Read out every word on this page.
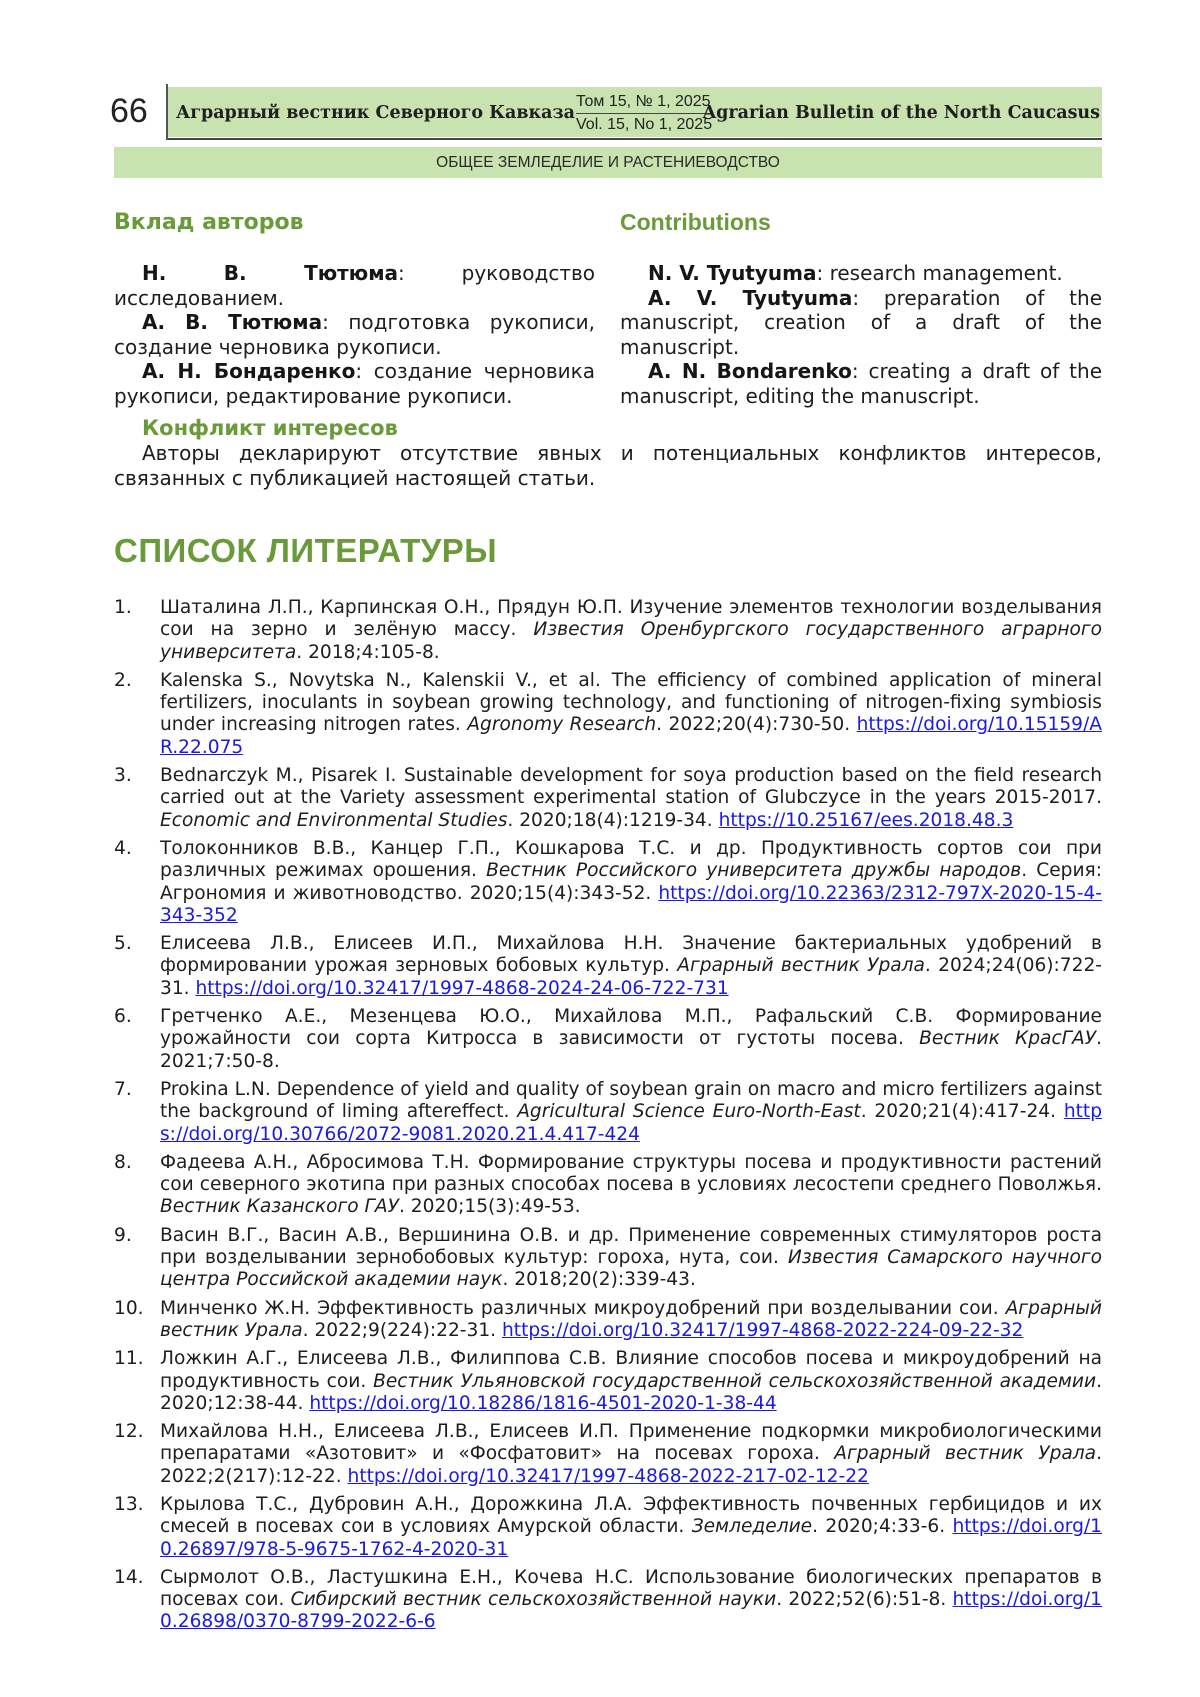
66	Аграрный вестник Северного Кавказа
Том 15, № 1, 2025
Vol. 15, No 1, 2025
Agrarian Bulletin of the North Caucasus
ОБЩЕЕ ЗЕМЛЕДЕЛИЕ И РАСТЕНИЕВОДСТВО
Вклад авторов	Contributions

Н. В. Тютюма: руководство исследованием.

А. В. Тютюма: подготовка рукописи, создание черновика рукописи.

А. Н. Бондаренко: создание черновика рукописи, редактирование рукописи.

N. V. Tyutyuma: research management.

A. V. Tyutyuma: preparation of the manuscript, creation of a draft of the manuscript.

A. N. Bondarenko: creating a draft of the manuscript, editing the manuscript.

Конфликт интересов

Авторы декларируют отсутствие явных и потенциальных конфликтов интересов, связанных с публикацией настоящей статьи.

СПИСОК ЛИТЕРАТУРЫ
1. Шаталина Л.П., Карпинская О.Н., Прядун Ю.П. Изучение элементов технологии возделывания сои на зерно и зелёную массу. Известия Оренбургского государственного аграрного университета. 2018;4:105-8.
2. Kalenska S., Novytska N., Kalenskii V., et al. The efficiency of combined application of mineral fertilizers, inoculants in soybean growing technology, and functioning of nitrogen-fixing symbiosis under increasing nitrogen rates. Agronomy Research. 2022;20(4):730-50. https://doi.org/10.15159/AR.22.075
3. Bednarczyk M., Pisarek I. Sustainable development for soya production based on the field research carried out at the Variety assessment experimental station of Glubczyce in the years 2015-2017. Economic and Environmental Studies. 2020;18(4):1219-34. https://10.25167/ees.2018.48.3
4. Толоконников В.В., Канцер Г.П., Кошкарова Т.С. и др. Продуктивность сортов сои при различных режимах орошения. Вестник Российского университета дружбы народов. Серия: Агрономия и животноводство. 2020;15(4):343-52. https://doi.org/10.22363/2312-797X-2020-15-4-343-352
5. Елисеева Л.В., Елисеев И.П., Михайлова Н.Н. Значение бактериальных удобрений в формировании урожая зерновых бобовых культур. Аграрный вестник Урала. 2024;24(06):722-31. https://doi.org/10.32417/1997-4868-2024-24-06-722-731
6. Гретченко А.Е., Мезенцева Ю.О., Михайлова М.П., Рафальский С.В. Формирование урожайности сои сорта Китросса в зависимости от густоты посева. Вестник КрасГАУ. 2021;7:50-8.
7. Prokina L.N. Dependence of yield and quality of soybean grain on macro and micro fertilizers against the background of liming aftereffect. Agricultural Science Euro-North-East. 2020;21(4):417-24. https://doi.org/10.30766/2072-9081.2020.21.4.417-424
8. Фадеева А.Н., Абросимова Т.Н. Формирование структуры посева и продуктивности растений сои северного экотипа при разных способах посева в условиях лесостепи среднего Поволжья. Вестник Казанского ГАУ. 2020;15(3):49-53.
9. Васин В.Г., Васин А.В., Вершинина О.В. и др. Применение современных стимуляторов роста при возделывании зернобобовых культур: гороха, нута, сои. Известия Самарского научного центра Российской академии наук. 2018;20(2):339-43.
10. Минченко Ж.Н. Эффективность различных микроудобрений при возделывании сои. Аграрный вестник Урала. 2022;9(224):22-31. https://doi.org/10.32417/1997-4868-2022-224-09-22-32
11. Ложкин А.Г., Елисеева Л.В., Филиппова С.В. Влияние способов посева и микроудобрений на продуктивность сои. Вестник Ульяновской государственной сельскохозяйственной академии. 2020;12:38-44. https://doi.org/10.18286/1816-4501-2020-1-38-44
12. Михайлова Н.Н., Елисеева Л.В., Елисеев И.П. Применение подкормки микробиологическими препаратами «Азотовит» и «Фосфатовит» на посевах гороха. Аграрный вестник Урала. 2022;2(217):12-22. https://doi.org/10.32417/1997-4868-2022-217-02-12-22
13. Крылова Т.С., Дубровин А.Н., Дорожкина Л.А. Эффективность почвенных гербицидов и их смесей в посевах сои в условиях Амурской области. Земледелие. 2020;4:33-6. https://doi.org/10.26897/978-5-9675-1762-4-2020-31
14. Сырмолот О.В., Ластушкина Е.Н., Кочева Н.С. Использование биологических препаратов в посевах сои. Сибирский вестник сельскохозяйственной науки. 2022;52(6):51-8. https://doi.org/10.26898/0370-8799-2022-6-6
